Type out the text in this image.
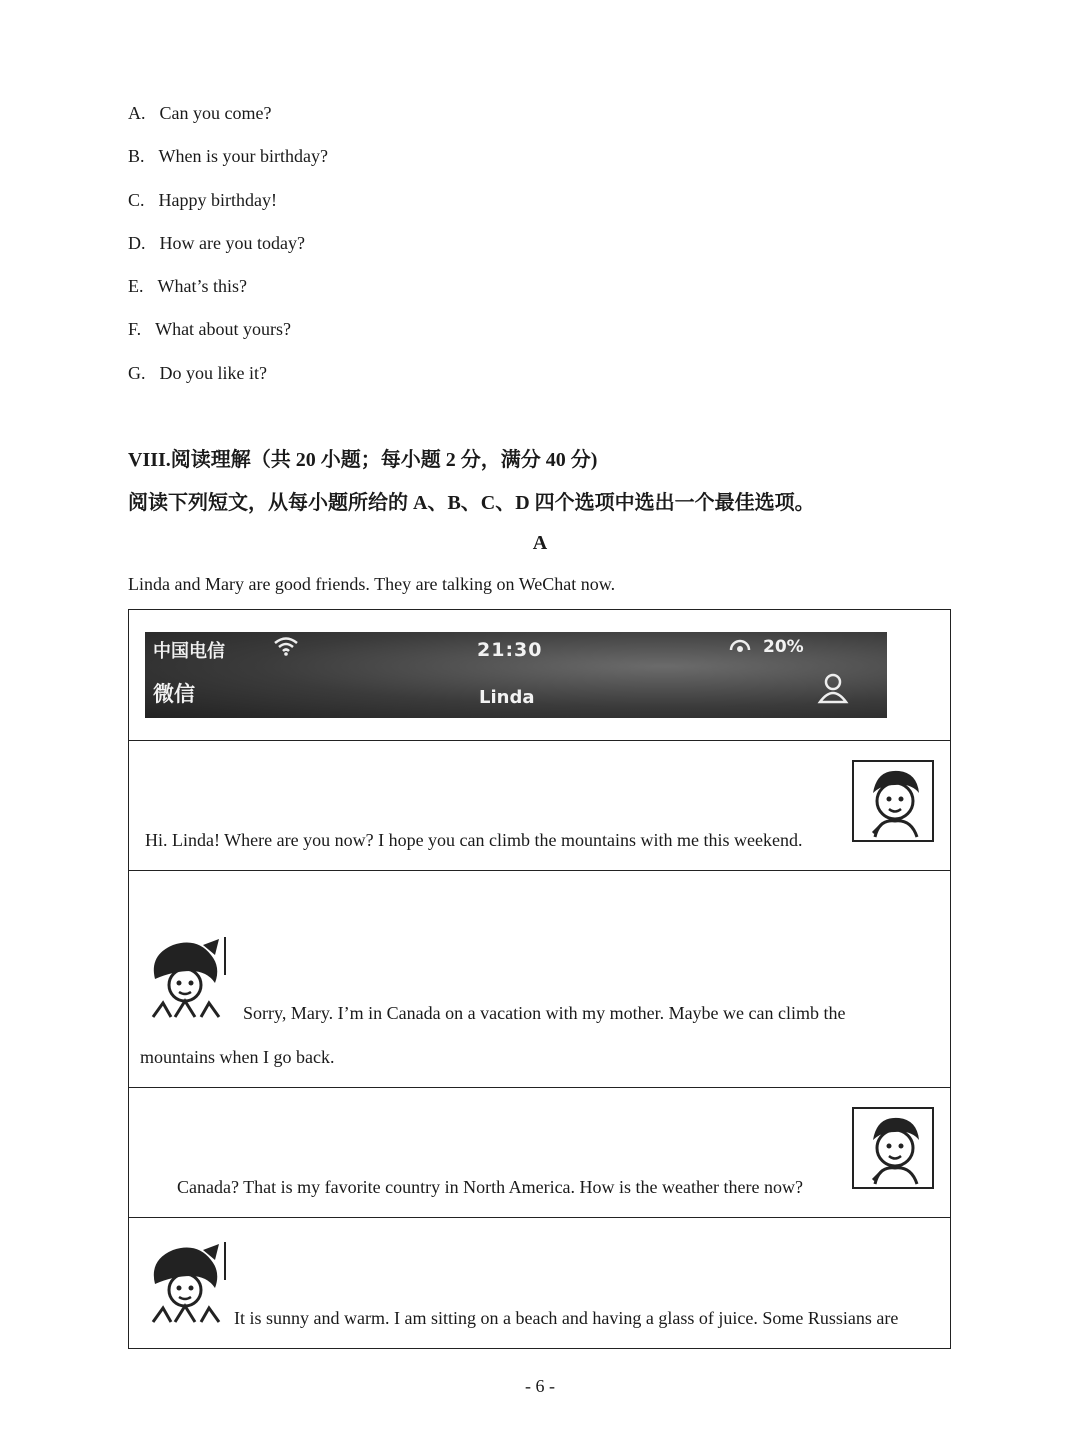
A. Can you come?
B. When is your birthday?
C. Happy birthday!
D. How are you today?
E. What’s this?
F. What about yours?
G. Do you like it?
VIII.阅读理解（共 20 小题；每小题 2 分，满分 40 分)
阅读下列短文，从每小题所给的 A、B、C、D 四个选项中选出一个最佳选项。
A
Linda and Mary are good friends. They are talking on WeChat now.
中国电信	21:30	20%
微信	Linda
Hi. Linda! Where are you now? I hope you can climb the mountains with me this weekend.
Sorry, Mary. I’m in Canada on a vacation with my mother. Maybe we can climb the
mountains when I go back.
Canada? That is my favorite country in North America. How is the weather there now?
It is sunny and warm. I am sitting on a beach and having a glass of juice. Some Russians are
- 6 -
